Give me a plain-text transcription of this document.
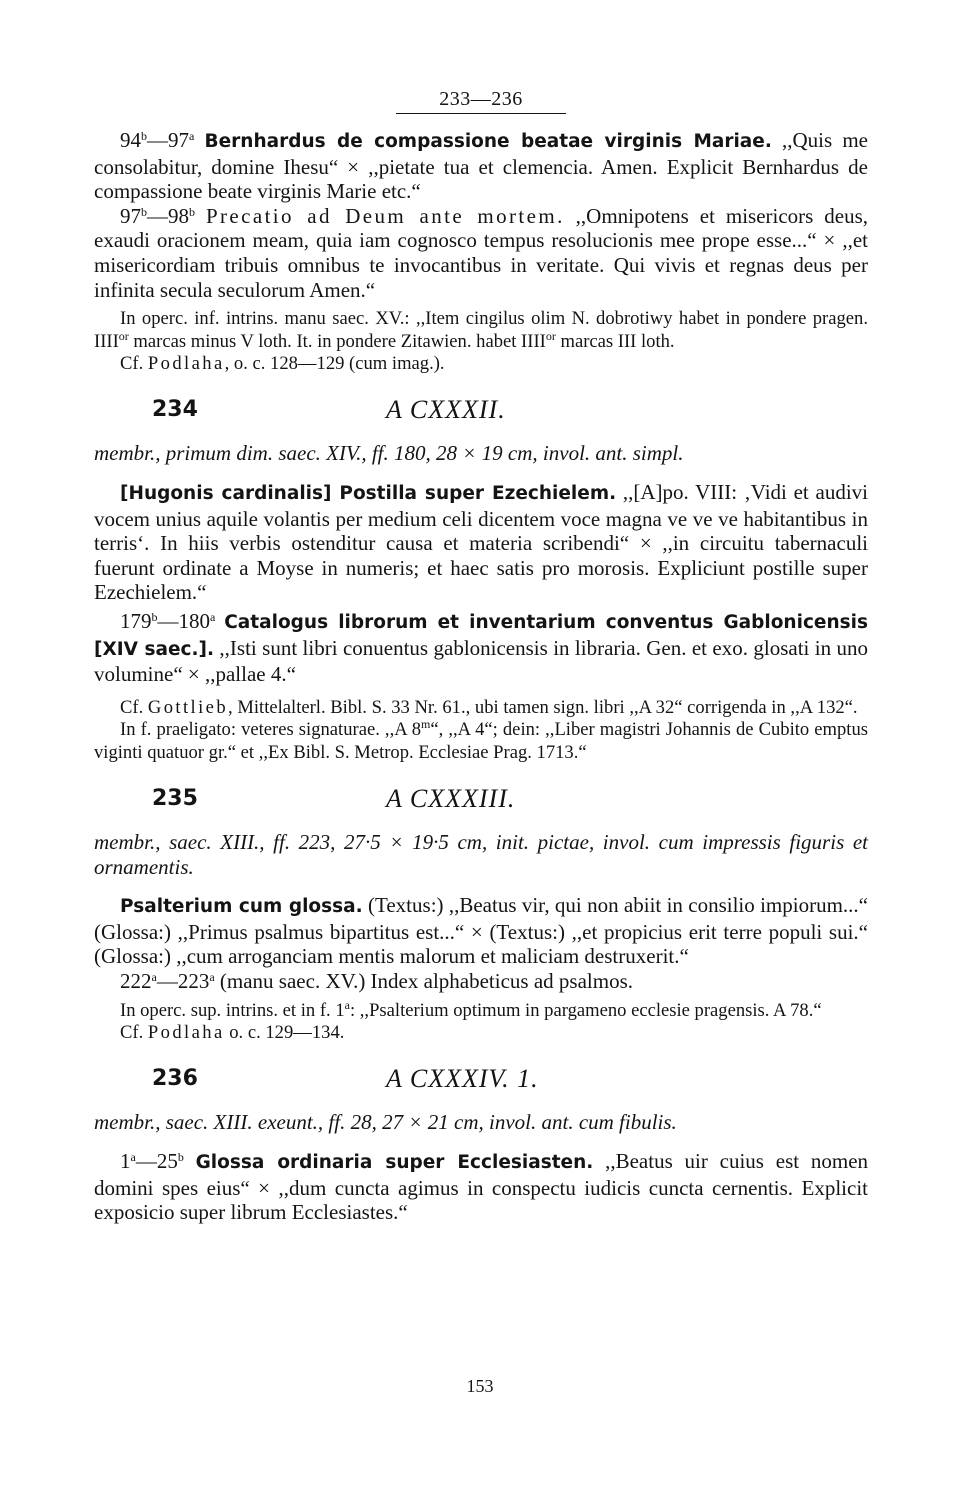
233—236

94$^b$—97$^a$ Bernhardus de compassione beatae virginis Mariae. ,,Quis me consolabitur, domine Ihesu“ × ,,pietate tua et clemencia. Amen. Explicit Bernhardus de compassione beate virginis Marie etc.“

97$^b$—98$^b$ Precatio ad Deum ante mortem. ,,Omnipotens et misericors deus, exaudi oracionem meam, quia iam cognosco tempus resolucionis mee prope esse...“ × ,,et misericordiam tribuis omnibus te invocantibus in veritate. Qui vivis et regnas deus per infinita secula seculorum Amen.“

In operc. inf. intrins. manu saec. XV.: ,,Item cingilus olim N. dobrotiwy habet in pondere pragen. $IIII^{or}$ marcas minus V loth. It. in pondere Zitawien. habet $IIII^{or}$ marcas III loth.

Cf. Podlaha, o. c. 128—129 (cum imag.).

234	A CXXXII.

membr., primum dim. saec. XIV., ff. 180, 28 × 19 cm, invol. ant. simpl.

[Hugonis cardinalis] Postilla super Ezechielem. ,,[A]po. VIII: ‚Vidi et audivi vocem unius aquile volantis per medium celi dicentem voce magna ve ve ve habitantibus in terris‘. In hiis verbis ostenditur causa et materia scribendi“ × ,,in circuitu tabernaculi fuerunt ordinate a Moyse in numeris; et haec satis pro morosis. Expliciunt postille super Ezechielem.“

179$^b$—180$^a$ Catalogus librorum et inventarium conventus Gablonicensis [XIV saec.]. ,,Isti sunt libri conuentus gablonicensis in libraria. Gen. et exo. glosati in uno volumine“ × ,,pallae 4.“

Cf. Gottlieb, Mittelalterl. Bibl. S. 33 Nr. 61., ubi tamen sign. libri ,,A 32“ corrigenda in ,,A 132“.

In f. praeligato: veteres signaturae. ,,A 8$^m$“, ,,A 4“; dein: ,,Liber magistri Johannis de Cubito emptus viginti quatuor gr.“ et ,,Ex Bibl. S. Metrop. Ecclesiae Prag. 1713.“

235	A CXXXIII.

membr., saec. XIII., ff. 223, 27·5 × 19·5 cm, init. pictae, invol. cum impressis figuris et ornamentis.

Psalterium cum glossa. (Textus:) ,,Beatus vir, qui non abiit in consilio impiorum...“ (Glossa:) ,,Primus psalmus bipartitus est...“ × (Textus:) ,,et propicius erit terre populi sui.“ (Glossa:) ,,cum arroganciam mentis malorum et maliciam destruxerit.“

222$^a$—223$^a$ (manu saec. XV.) Index alphabeticus ad psalmos.

In operc. sup. intrins. et in f. 1$^a$: ,,Psalterium optimum in pargameno ecclesie pragensis. A 78.“

Cf. Podlaha o. c. 129—134.

236	A CXXXIV. 1.

membr., saec. XIII. exeunt., ff. 28, 27 × 21 cm, invol. ant. cum fibulis.

1$^a$—25$^b$ Glossa ordinaria super Ecclesiasten. ,,Beatus uir cuius est nomen domini spes eius“ × ,,dum cuncta agimus in conspectu iudicis cuncta cernentis. Explicit exposicio super librum Ecclesiastes.“

153
